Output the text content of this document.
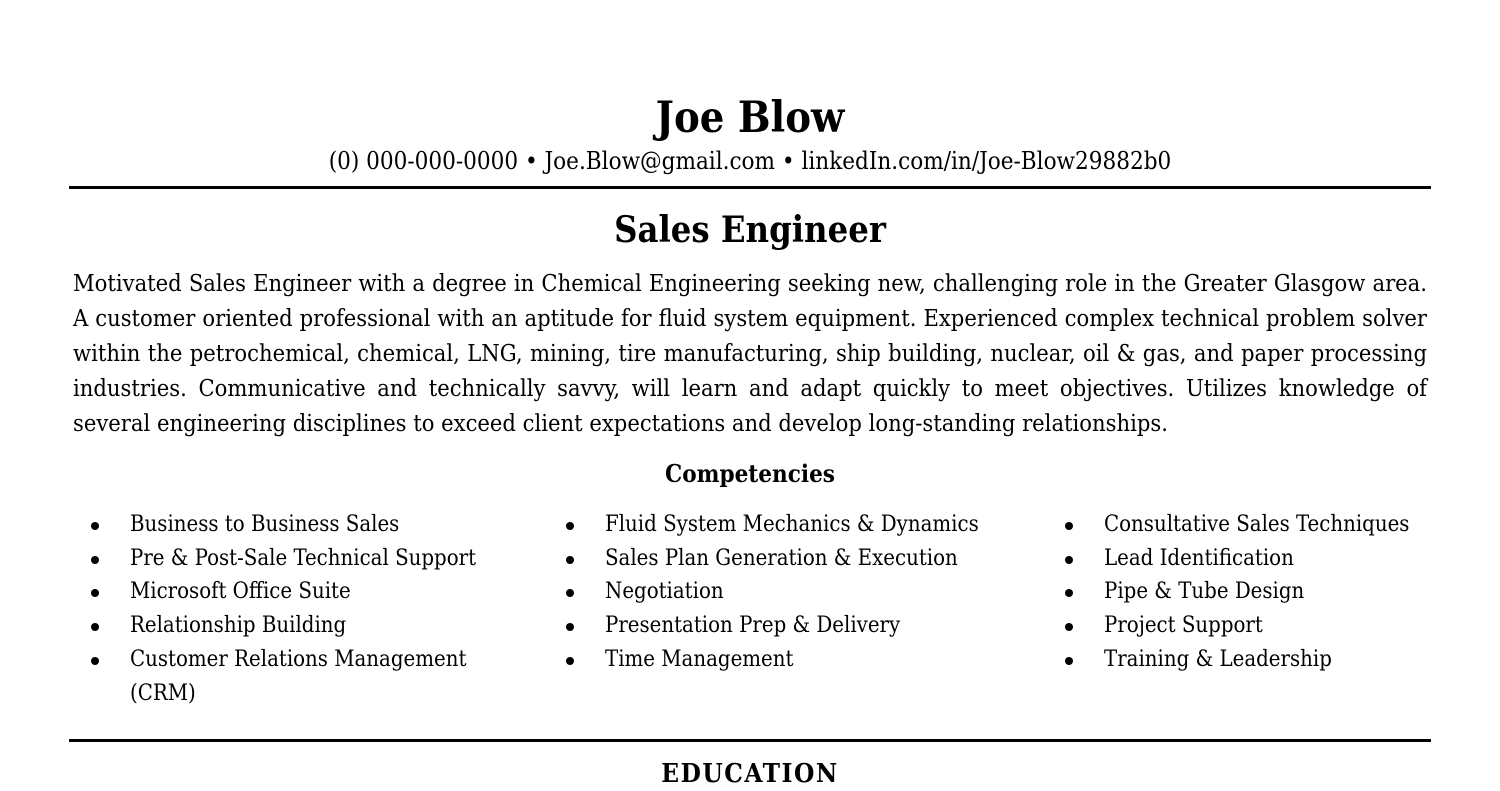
Joe Blow
(0) 000-000-0000 • Joe.Blow@gmail.com • linkedIn.com/in/Joe-Blow29882b0
Sales Engineer

Motivated Sales Engineer with a degree in Chemical Engineering seeking new, challenging role in the Greater Glasgow area. A customer oriented professional with an aptitude for fluid system equipment. Experienced complex technical problem solver within the petrochemical, chemical, LNG, mining, tire manufacturing, ship building, nuclear, oil & gas, and paper processing industries. Communicative and technically savvy, will learn and adapt quickly to meet objectives. Utilizes knowledge of several engineering disciplines to exceed client expectations and develop long-standing relationships.

Competencies
Business to Business Sales
Pre & Post-Sale Technical Support
Microsoft Office Suite
Relationship Building
Customer Relations Management (CRM)
Fluid System Mechanics & Dynamics
Sales Plan Generation & Execution
Negotiation
Presentation Prep & Delivery
Time Management
Consultative Sales Techniques
Lead Identification
Pipe & Tube Design
Project Support
Training & Leadership
EDUCATION
